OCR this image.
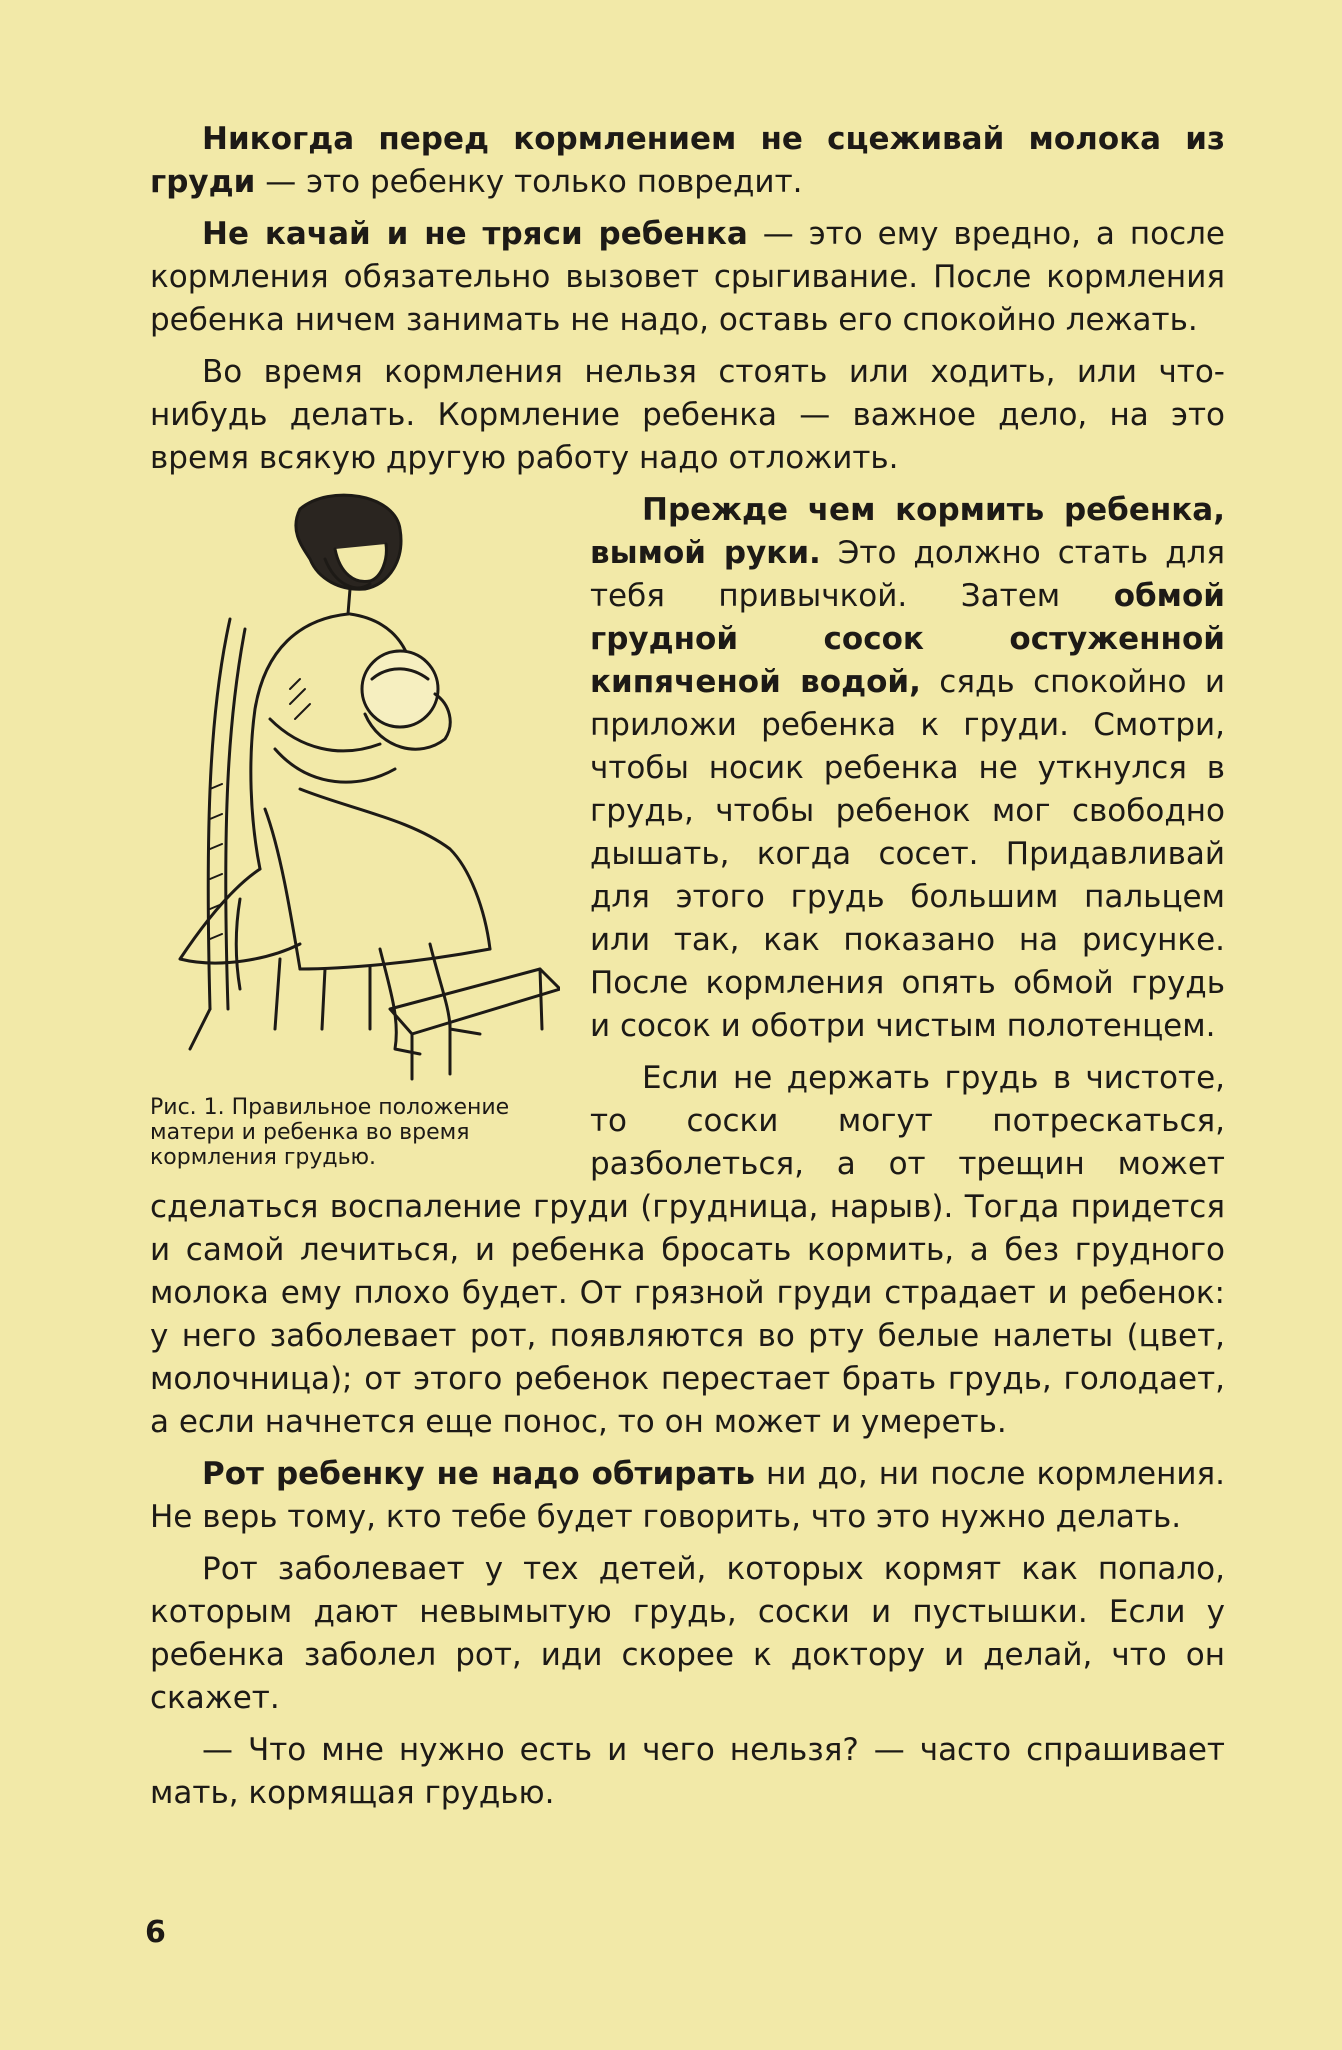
Никогда перед кормлением не сцеживай молока из груди — это ребенку только повредит.

Не качай и не тряси ребенка — это ему вредно, а после кормления обязательно вызовет срыгивание. После кормления ребенка ничем занимать не надо, оставь его спокойно лежать.

Во время кормления нельзя стоять или ходить, или что-нибудь делать. Кормление ребенка — важное дело, на это время всякую другую работу надо отложить.

Рис. 1. Правильное положение матери и ребенка во время кормления грудью.

Прежде чем кормить ребенка, вымой руки. Это должно стать для тебя привычкой. Затем обмой грудной сосок остуженной кипяченой водой, сядь спокойно и приложи ребенка к груди. Смотри, чтобы носик ребенка не уткнулся в грудь, чтобы ребенок мог свободно дышать, когда сосет. Придавливай для этого грудь большим пальцем или так, как показано на рисунке. После кормления опять обмой грудь и сосок и оботри чистым полотенцем.

Если не держать грудь в чистоте, то соски могут потрескаться, разболеться, а от трещин может сделаться воспаление груди (грудница, нарыв). Тогда придется и самой лечиться, и ребенка бросать кормить, а без грудного молока ему плохо будет. От грязной груди страдает и ребенок: у него заболевает рот, появляются во рту белые налеты (цвет, молочница); от этого ребенок перестает брать грудь, голодает, а если начнется еще понос, то он может и умереть.

Рот ребенку не надо обтирать ни до, ни после кормления. Не верь тому, кто тебе будет говорить, что это нужно делать.

Рот заболевает у тех детей, которых кормят как попало, которым дают невымытую грудь, соски и пустышки. Если у ребенка заболел рот, иди скорее к доктору и делай, что он скажет.

— Что мне нужно есть и чего нельзя? — часто спрашивает мать, кормящая грудью.

6
